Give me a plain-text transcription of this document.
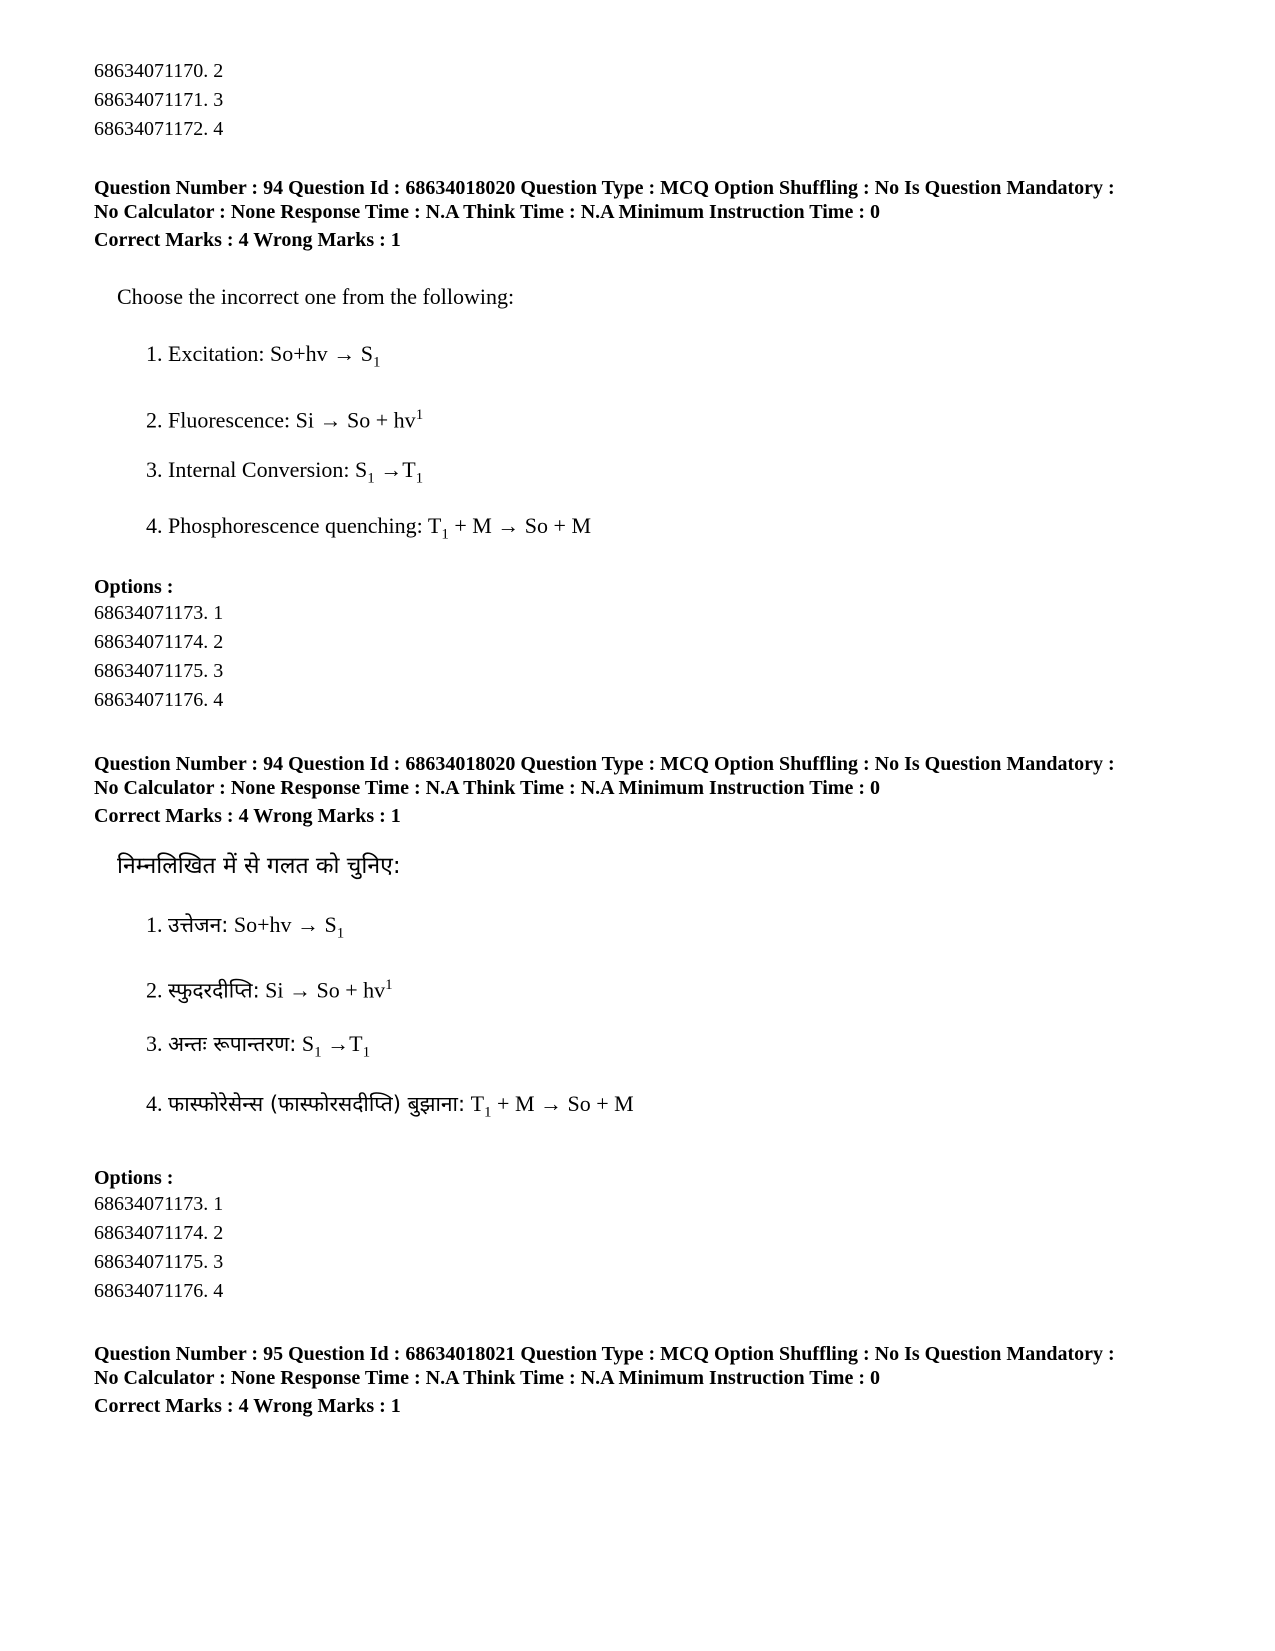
68634071170. 2

68634071171. 3

68634071172. 4

Question Number : 94 Question Id : 68634018020 Question Type : MCQ Option Shuffling : No Is Question Mandatory :

No Calculator : None Response Time : N.A Think Time : N.A Minimum Instruction Time : 0

Correct Marks : 4 Wrong Marks : 1

Choose the incorrect one from the following:

1. Excitation: $So+hv \to S_1$

2. Fluorescence: $Si \to So + hv^1$

3. Internal Conversion: $S_1 \to T_1$

4. Phosphorescence quenching: $T_1 + M \to So + M$

Options :

68634071173. 1

68634071174. 2

68634071175. 3

68634071176. 4

Question Number : 94 Question Id : 68634018020 Question Type : MCQ Option Shuffling : No Is Question Mandatory :

No Calculator : None Response Time : N.A Think Time : N.A Minimum Instruction Time : 0

Correct Marks : 4 Wrong Marks : 1

निम्नलिखित में से गलत को चुनिए:

1. उत्तेजन: $So+hv \to S_1$

2. स्फुदरदीप्ति: $Si \to So + hv^1$

3. अन्तः रूपान्तरण: $S_1 \to T_1$

4. फास्फोरेसेन्स (फास्फोरसदीप्ति) बुझाना: $T_1 + M \to So + M$

Options :

68634071173. 1

68634071174. 2

68634071175. 3

68634071176. 4

Question Number : 95 Question Id : 68634018021 Question Type : MCQ Option Shuffling : No Is Question Mandatory :

No Calculator : None Response Time : N.A Think Time : N.A Minimum Instruction Time : 0

Correct Marks : 4 Wrong Marks : 1
